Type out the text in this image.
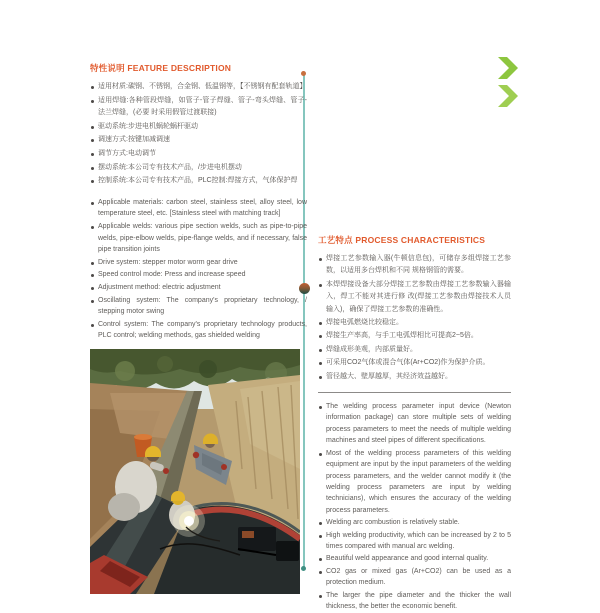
特性说明 FEATURE DESCRIPTION
适用材质:碳钢、不锈钢，合金钢、低温钢等，【不锈钢有配套轨道】
适用焊缝:各种管段焊缝，如管子-管子焊缝、管子-弯头焊缝、管子-法兰焊缝，(必要 时采用假管过渡联接)
驱动系统:步进电机蜗轮蜗杆驱动
调速方式:按键加减调速
调节方式:电动调节
摆动系统:本公司专有技术产品，/步进电机摆动
控制系统:本公司专有技术产品，PLC控制:焊接方式，气体保护焊
Applicable materials: carbon steel, stainless steel, alloy steel, low temperature steel, etc. [Stainless steel with matching track]
Applicable welds: various pipe section welds, such as pipe-to-pipe welds, pipe-elbow welds, pipe-flange welds, and if necessary, false pipe transition joints
Drive system: stepper motor worm gear drive
Speed control mode: Press and increase speed
Adjustment method: electric adjustment
Oscillating system: The company's proprietary technology, / stepping motor swing
Control system: The company's proprietary technology products, PLC control; welding methods, gas shielded welding
工艺特点 PROCESS CHARACTERISTICS
焊接工艺参数输入器(牛顿信息包)，可储存多组焊接工艺参数，以适用多台焊机和不同 规格钢管的需要。
本焊焊接设备大部分焊接工艺参数由焊接工艺参数输入器输入，焊工不能对其进行修 改(焊接工艺参数由焊接技术人员输入)，确保了焊接工艺参数的准确性。
焊接电弧燃烧比较稳定。
焊接生产率高，与手工电弧焊相比可提高2~5倍。
焊缝成形美观，内部质量好。
可采用CO2气体或混合气体(Ar+CO2)作为保护介质。
管径越大、壁厚越厚，其经济效益越好。
The welding process parameter input device (Newton information package) can store multiple sets of welding process parameters to meet the needs of multiple welding machines and steel pipes of different specifications.
Most of the welding process parameters of this welding equipment are input by the input parameters of the welding process parameters, and the welder cannot modify it (the welding process parameters are input by welding technicians), which ensures the accuracy of the welding process parameters.
Welding arc combustion is relatively stable.
High welding productivity, which can be increased by 2 to 5 times compared with manual arc welding.
Beautiful weld appearance and good internal quality.
CO2 gas or mixed gas (Ar+CO2) can be used as a protection medium.
The larger the pipe diameter and the thicker the wall thickness, the better the economic benefit.
